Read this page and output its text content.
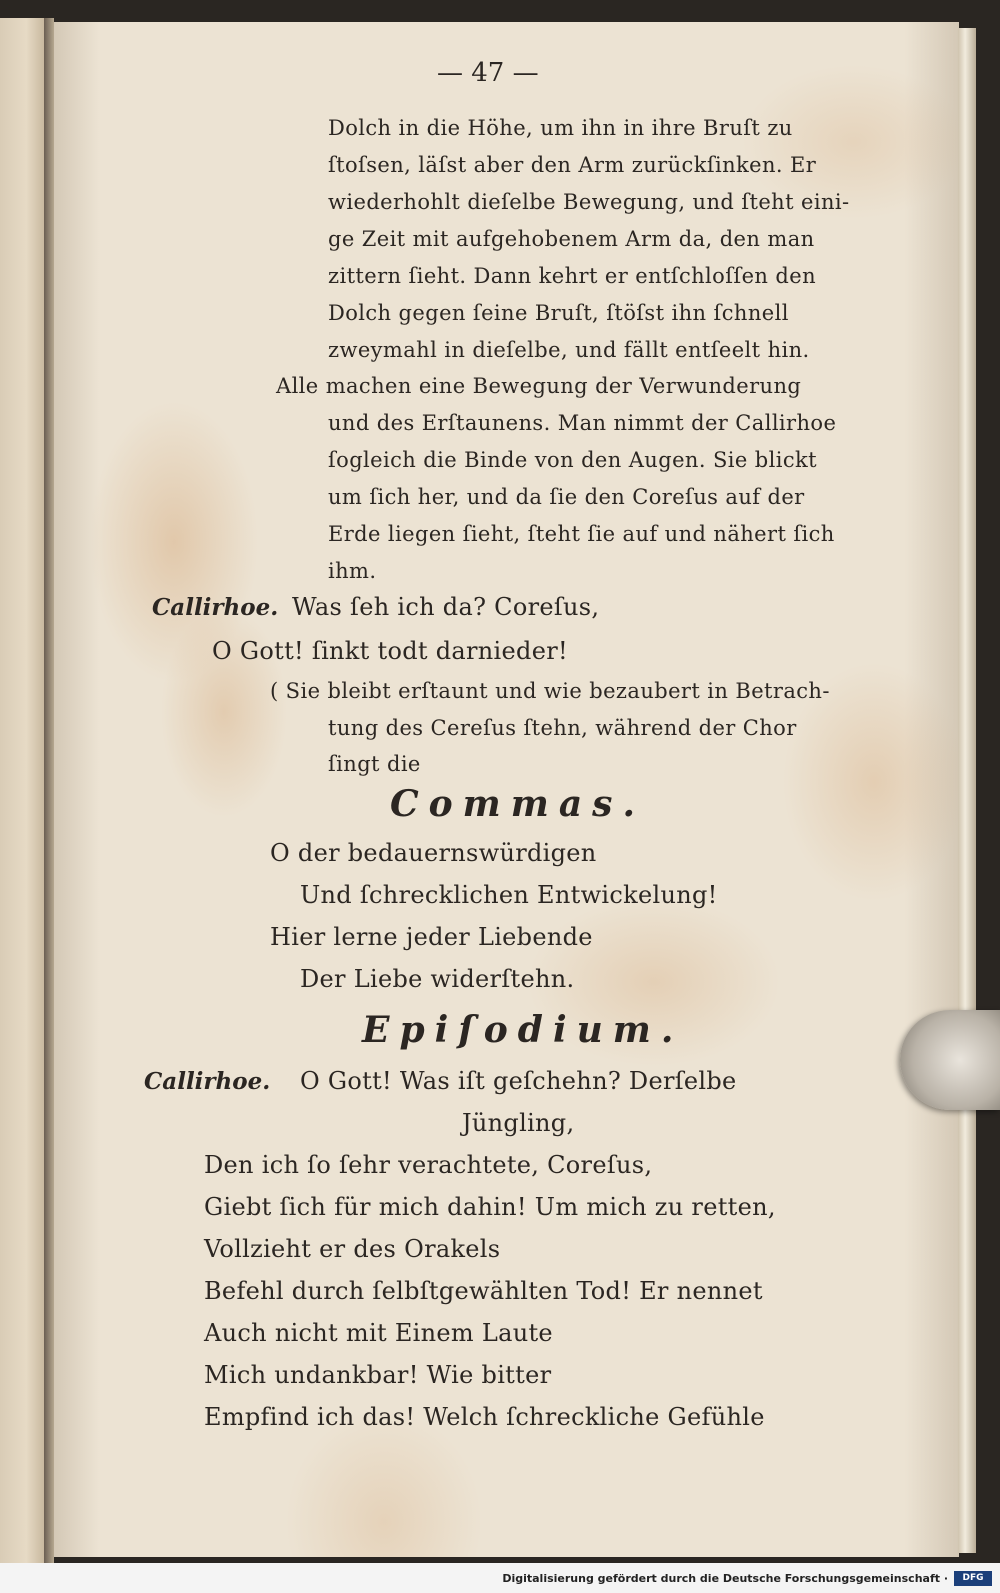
— 47 —
Dolch in die Höhe, um ihn in ihre Bruſt zu
ſtoſsen, läſst aber den Arm zurückſinken. Er
wiederhohlt dieſelbe Bewegung, und ſteht eini-
ge Zeit mit aufgehobenem Arm da, den man
zittern ſieht. Dann kehrt er entſchloſſen den
Dolch gegen ſeine Bruſt, ſtöſst ihn ſchnell
zweymahl in dieſelbe, und fällt entſeelt hin.
Alle machen eine Bewegung der Verwunderung
und des Erſtaunens. Man nimmt der Callirhoe
ſogleich die Binde von den Augen. Sie blickt
um ſich her, und da ſie den Coreſus auf der
Erde liegen ſieht, ſteht ſie auf und nähert ſich
ihm.
Callirhoe. Was ſeh ich da? Coreſus,
O Gott! ſinkt todt darnieder!
( Sie bleibt erſtaunt und wie bezaubert in Betrach-
tung des Cereſus ſtehn, während der Chor
ſingt die
Commas.
O der bedauernswürdigen
Und ſchrecklichen Entwickelung!
Hier lerne jeder Liebende
Der Liebe widerſtehn.
Epiſodium.
Callirhoe. O Gott! Was iſt geſchehn? Derſelbe
Jüngling,
Den ich ſo ſehr verachtete, Coreſus,
Giebt ſich für mich dahin! Um mich zu retten,
Vollzieht er des Orakels
Befehl durch ſelbſtgewählten Tod! Er nennet
Auch nicht mit Einem Laute
Mich undankbar! Wie bitter
Empfind ich das! Welch ſchreckliche Gefühle
Digitalisierung gefördert durch die Deutsche Forschungsgemeinschaft ·	DFG
